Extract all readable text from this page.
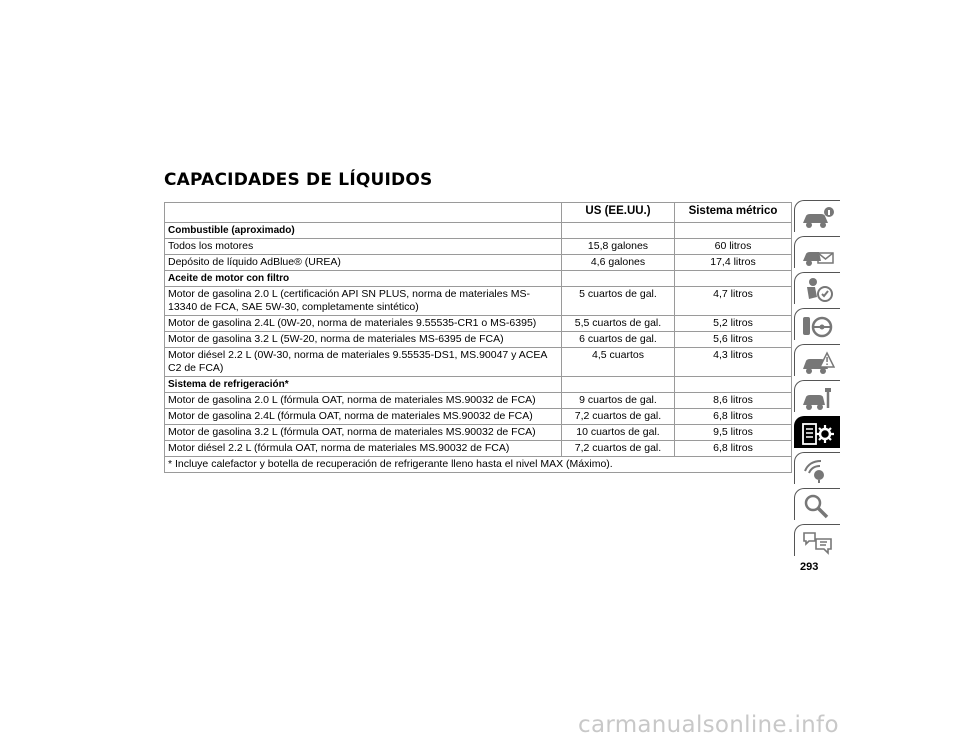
CAPACIDADES DE LÍQUIDOS
	US (EE.UU.)	Sistema métrico
Combustible (aproximado)		
Todos los motores	15,8 galones	60 litros
Depósito de líquido AdBlue® (UREA)	4,6 galones	17,4 litros
Aceite de motor con filtro		
Motor de gasolina 2.0 L (certificación API SN PLUS, norma de materiales MS-13340 de FCA, SAE 5W-30, completamente sintético)	5 cuartos de gal.	4,7 litros
Motor de gasolina 2.4L (0W-20, norma de materiales 9.55535-CR1 o MS-6395)	5,5 cuartos de gal.	5,2 litros
Motor de gasolina 3.2 L (5W-20, norma de materiales MS-6395 de FCA)	6 cuartos de gal.	5,6 litros
Motor diésel 2.2 L (0W-30, norma de materiales 9.55535-DS1, MS.90047 y ACEA C2 de FCA)	4,5 cuartos	4,3 litros
Sistema de refrigeración*		
Motor de gasolina 2.0 L (fórmula OAT, norma de materiales MS.90032 de FCA)	9 cuartos de gal.	8,6 litros
Motor de gasolina 2.4L (fórmula OAT, norma de materiales MS.90032 de FCA)	7,2 cuartos de gal.	6,8 litros
Motor de gasolina 3.2 L (fórmula OAT, norma de materiales MS.90032 de FCA)	10 cuartos de gal.	9,5 litros
Motor diésel 2.2 L (fórmula OAT, norma de materiales MS.90032 de FCA)	7,2 cuartos de gal.	6,8 litros
* Incluye calefactor y botella de recuperación de refrigerante lleno hasta el nivel MAX (Máximo).		
293
carmanualsonline.info
